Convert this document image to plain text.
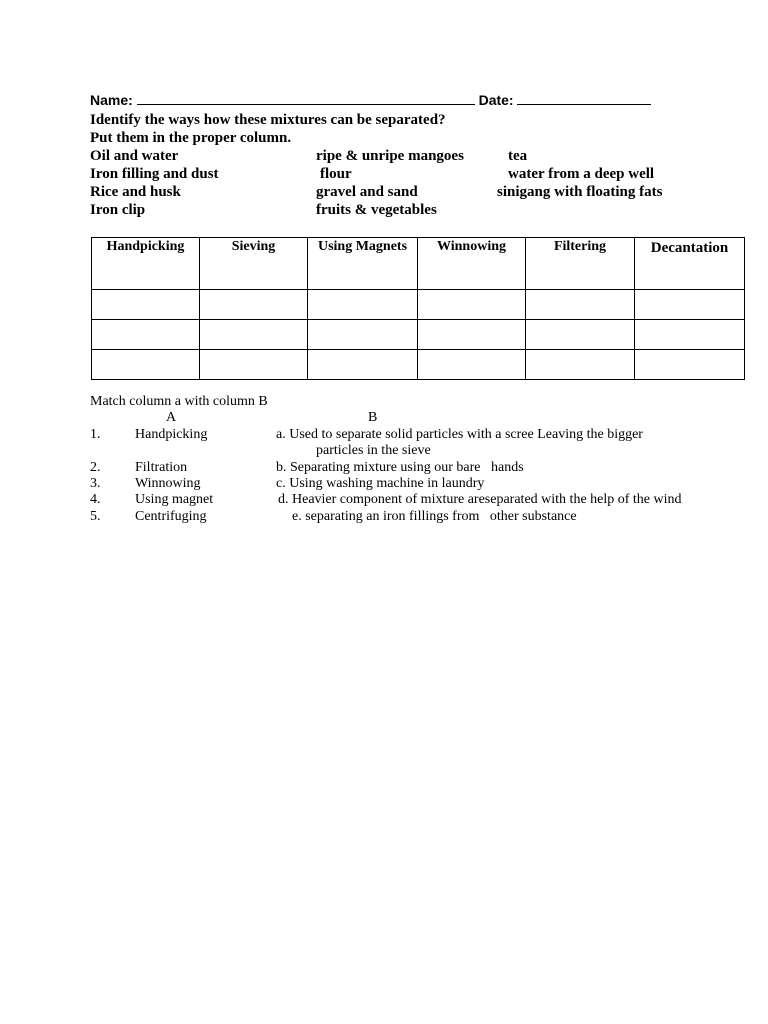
Name:	Date:
Identify the ways how these mixtures can be separated?
Put them in the proper column.
Oil and water
Iron filling and dust
Rice and husk
Iron clip
ripe & unripe mangoes
flour
gravel and sand
fruits & vegetables
tea
water from a deep well
sinigang with floating fats
Handpicking	Sieving	Using Magnets	Winnowing	Filtering	Decantation

Match column a with column B
A	B
1. Handpicking	a. Used to separate solid particles with a scree Leaving the bigger
particles in the sieve
2. Filtration	b. Separating mixture using our bare   hands
3. Winnowing	c. Using washing machine in laundry
4. Using magnet	d. Heavier component of mixture areseparated with the help of the wind
5. Centrifuging	e. separating an iron fillings from   other substance
